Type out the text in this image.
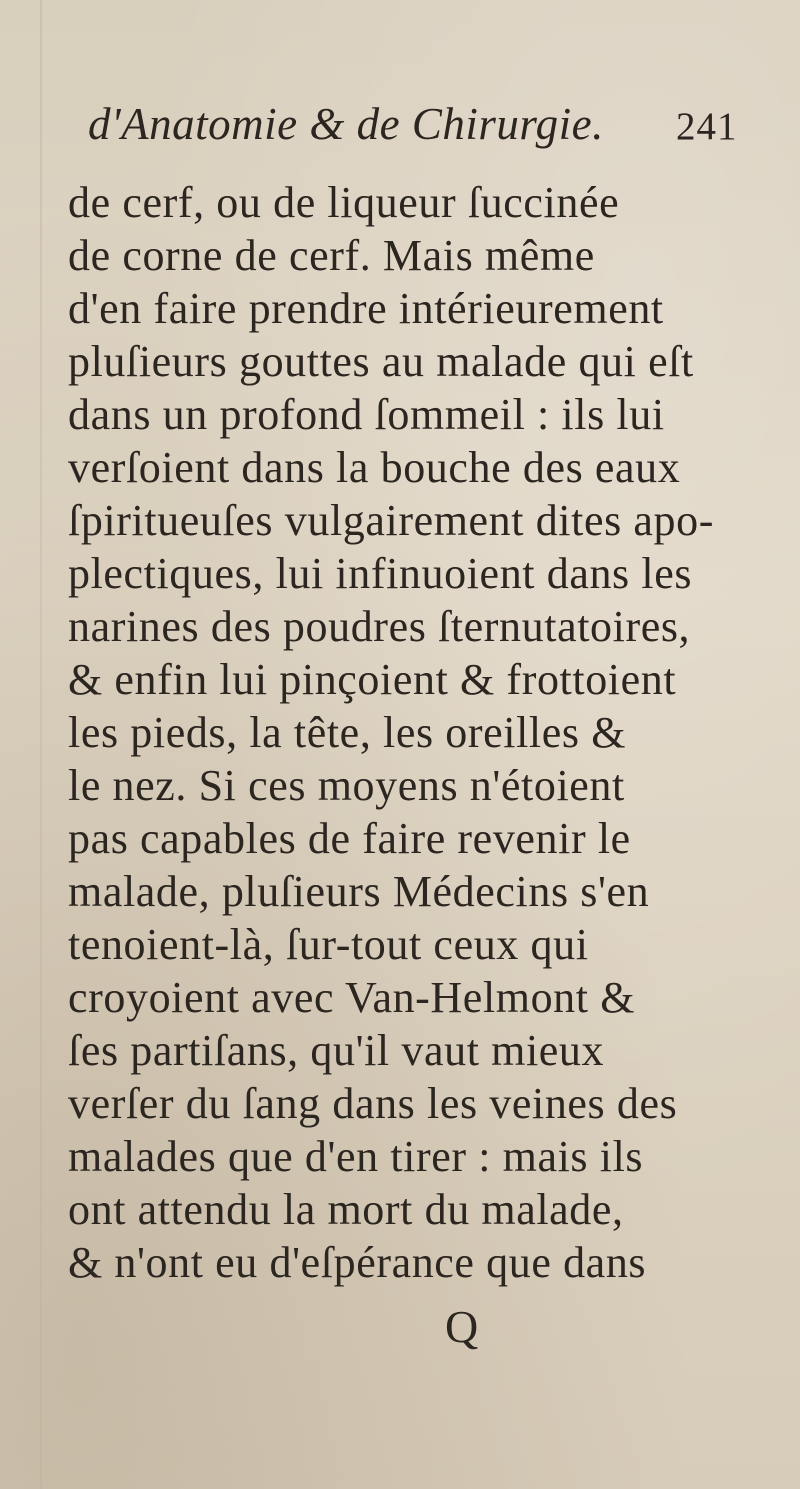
d'Anatomie & de Chirurgie. 241
de cerf, ou de liqueur ſuccinée
de corne de cerf. Mais même
d'en faire prendre intérieurement
pluſieurs gouttes au malade qui eſt
dans un profond ſommeil : ils lui
verſoient dans la bouche des eaux
ſpiritueuſes vulgairement dites apo-
plectiques, lui infinuoient dans les
narines des poudres ſternutatoires,
& enfin lui pinçoient & frottoient
les pieds, la tête, les oreilles &
le nez. Si ces moyens n'étoient
pas capables de faire revenir le
malade, pluſieurs Médecins s'en
tenoient-là, ſur-tout ceux qui
croyoient avec Van-Helmont &
ſes partiſans, qu'il vaut mieux
verſer du ſang dans les veines des
malades que d'en tirer : mais ils
ont attendu la mort du malade,
& n'ont eu d'eſpérance que dans
Q
